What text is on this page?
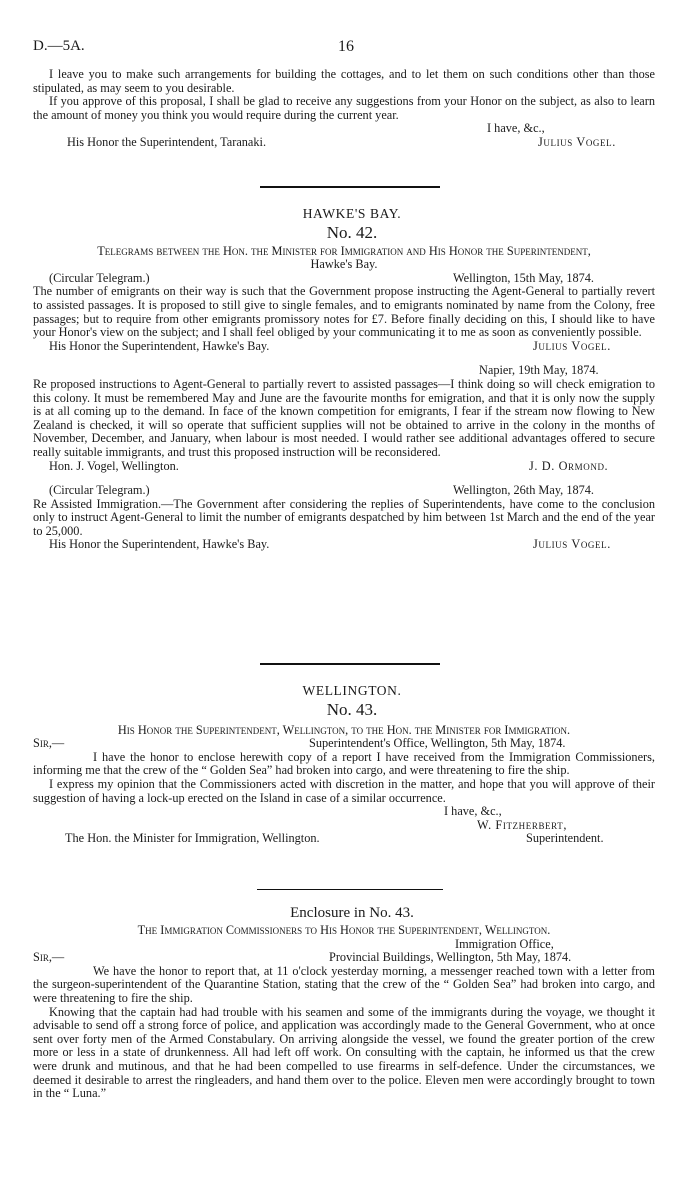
D.—5A.	16

I leave you to make such arrangements for building the cottages, and to let them on such conditions other than those stipulated, as may seem to you desirable.

If you approve of this proposal, I shall be glad to receive any suggestions from your Honor on the subject, as also to learn the amount of money you think you would require during the current year.

I have, &c.,
His Honor the Superintendent, Taranaki.	Julius Vogel.
HAWKE'S BAY.
No. 42.
Telegrams between the Hon. the Minister for Immigration and His Honor the Superintendent,
Hawke's Bay.
(Circular Telegram.)	Wellington, 15th May, 1874.

The number of emigrants on their way is such that the Government propose instructing the Agent-General to partially revert to assisted passages. It is proposed to still give to single females, and to emigrants nominated by name from the Colony, free passages; but to require from other emigrants promissory notes for £7. Before finally deciding on this, I should like to have your Honor's view on the subject; and I shall feel obliged by your communicating it to me as soon as conveniently possible.

His Honor the Superintendent, Hawke's Bay.	Julius Vogel.
Napier, 19th May, 1874.

Re proposed instructions to Agent-General to partially revert to assisted passages—I think doing so will check emigration to this colony. It must be remembered May and June are the favourite months for emigration, and that it is only now the supply is at all coming up to the demand. In face of the known competition for emigrants, I fear if the stream now flowing to New Zealand is checked, it will so operate that sufficient supplies will not be obtained to arrive in the colony in the months of November, December, and January, when labour is most needed. I would rather see additional advantages offered to secure really suitable immigrants, and trust this proposed instruction will be reconsidered.

Hon. J. Vogel, Wellington.	J. D. Ormond.
(Circular Telegram.)	Wellington, 26th May, 1874.

Re Assisted Immigration.—The Government after considering the replies of Superintendents, have come to the conclusion only to instruct Agent-General to limit the number of emigrants despatched by him between 1st March and the end of the year to 25,000.

His Honor the Superintendent, Hawke's Bay.	Julius Vogel.
WELLINGTON.
No. 43.
His Honor the Superintendent, Wellington, to the Hon. the Minister for Immigration.
Sir,—	Superintendent's Office, Wellington, 5th May, 1874.

I have the honor to enclose herewith copy of a report I have received from the Immigration Commissioners, informing me that the crew of the “ Golden Sea” had broken into cargo, and were threatening to fire the ship.

I express my opinion that the Commissioners acted with discretion in the matter, and hope that you will approve of their suggestion of having a lock-up erected on the Island in case of a similar occurrence.

I have, &c.,
W. Fitzherbert,
The Hon. the Minister for Immigration, Wellington.	Superintendent.
Enclosure in No. 43.
The Immigration Commissioners to His Honor the Superintendent, Wellington.
Immigration Office,
Sir,—	Provincial Buildings, Wellington, 5th May, 1874.

We have the honor to report that, at 11 o'clock yesterday morning, a messenger reached town with a letter from the surgeon-superintendent of the Quarantine Station, stating that the crew of the “ Golden Sea” had broken into cargo, and were threatening to fire the ship.

Knowing that the captain had had trouble with his seamen and some of the immigrants during the voyage, we thought it advisable to send off a strong force of police, and application was accordingly made to the General Government, who at once sent over forty men of the Armed Constabulary. On arriving alongside the vessel, we found the greater portion of the crew more or less in a state of drunkenness. All had left off work. On consulting with the captain, he informed us that the crew were drunk and mutinous, and that he had been compelled to use firearms in self-defence. Under the circumstances, we deemed it desirable to arrest the ringleaders, and hand them over to the police. Eleven men were accordingly brought to town in the “ Luna.”
